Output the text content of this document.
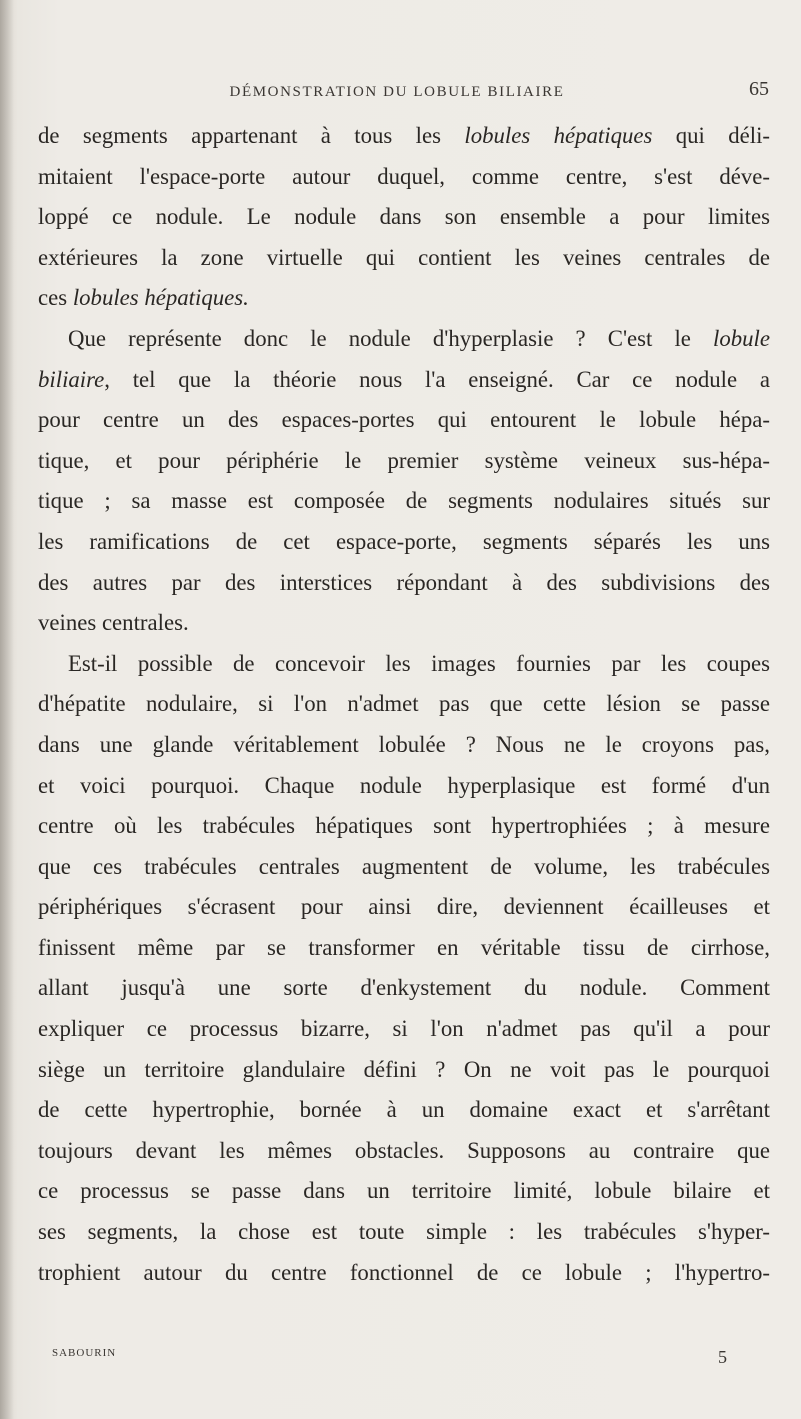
DÉMONSTRATION DU LOBULE BILIAIRE	65
de segments appartenant à tous les lobules hépatiques qui déli-
mitaient l'espace-porte autour duquel, comme centre, s'est déve-
loppé ce nodule. Le nodule dans son ensemble a pour limites
extérieures la zone virtuelle qui contient les veines centrales de
ces lobules hépatiques.
Que représente donc le nodule d'hyperplasie ? C'est le lobule
biliaire, tel que la théorie nous l'a enseigné. Car ce nodule a
pour centre un des espaces-portes qui entourent le lobule hépa-
tique, et pour périphérie le premier système veineux sus-hépa-
tique ; sa masse est composée de segments nodulaires situés sur
les ramifications de cet espace-porte, segments séparés les uns
des autres par des interstices répondant à des subdivisions des
veines centrales.
Est-il possible de concevoir les images fournies par les coupes
d'hépatite nodulaire, si l'on n'admet pas que cette lésion se passe
dans une glande véritablement lobulée ? Nous ne le croyons pas,
et voici pourquoi. Chaque nodule hyperplasique est formé d'un
centre où les trabécules hépatiques sont hypertrophiées ; à mesure
que ces trabécules centrales augmentent de volume, les trabécules
périphériques s'écrasent pour ainsi dire, deviennent écailleuses et
finissent même par se transformer en véritable tissu de cirrhose,
allant jusqu'à une sorte d'enkystement du nodule. Comment
expliquer ce processus bizarre, si l'on n'admet pas qu'il a pour
siège un territoire glandulaire défini ? On ne voit pas le pourquoi
de cette hypertrophie, bornée à un domaine exact et s'arrêtant
toujours devant les mêmes obstacles. Supposons au contraire que
ce processus se passe dans un territoire limité, lobule bilaire et
ses segments, la chose est toute simple : les trabécules s'hyper-
trophient autour du centre fonctionnel de ce lobule ; l'hypertro-
SABOURIN	5
